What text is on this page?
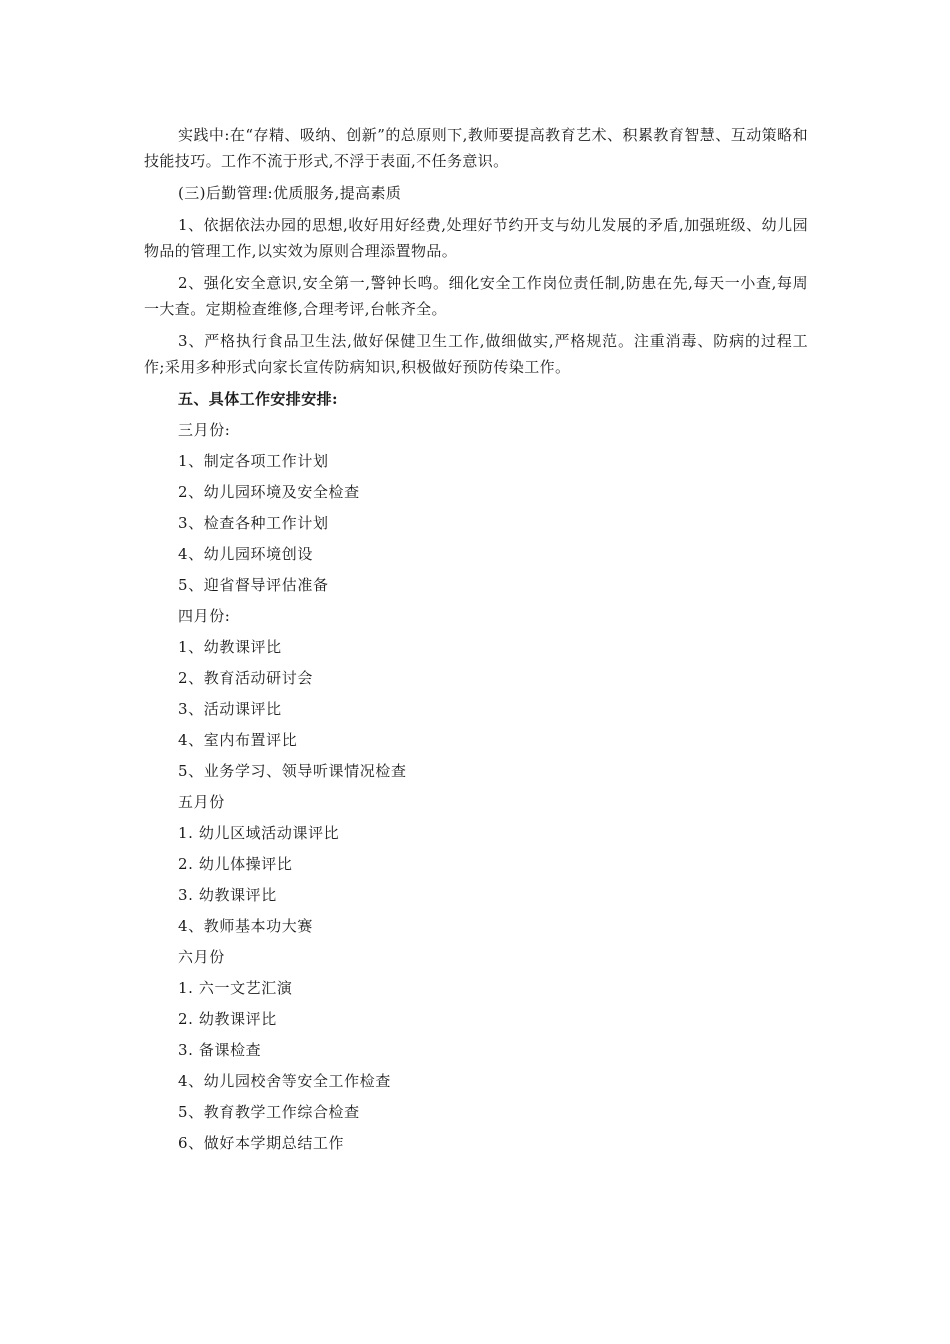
实践中:在“存精、吸纳、创新”的总原则下,教师要提高教育艺术、积累教育智慧、互动策略和技能技巧。工作不流于形式,不浮于表面,不任务意识。

(三)后勤管理:优质服务,提高素质

1、依据依法办园的思想,收好用好经费,处理好节约开支与幼儿发展的矛盾,加强班级、幼儿园物品的管理工作,以实效为原则合理添置物品。

2、强化安全意识,安全第一,警钟长鸣。细化安全工作岗位责任制,防患在先,每天一小查,每周一大查。定期检查维修,合理考评,台帐齐全。

3、严格执行食品卫生法,做好保健卫生工作,做细做实,严格规范。注重消毒、防病的过程工作;采用多种形式向家长宣传防病知识,积极做好预防传染工作。

五、具体工作安排安排:
三月份:
1、制定各项工作计划
2、幼儿园环境及安全检查
3、检查各种工作计划
4、幼儿园环境创设
5、迎省督导评估准备
四月份:
1、幼教课评比
2、教育活动研讨会
3、活动课评比
4、室内布置评比
5、业务学习、领导听课情况检查
五月份
1. 幼儿区域活动课评比
2. 幼儿体操评比
3. 幼教课评比
4、教师基本功大赛
六月份
1. 六一文艺汇演
2. 幼教课评比
3. 备课检查
4、幼儿园校舍等安全工作检查
5、教育教学工作综合检查
6、做好本学期总结工作
